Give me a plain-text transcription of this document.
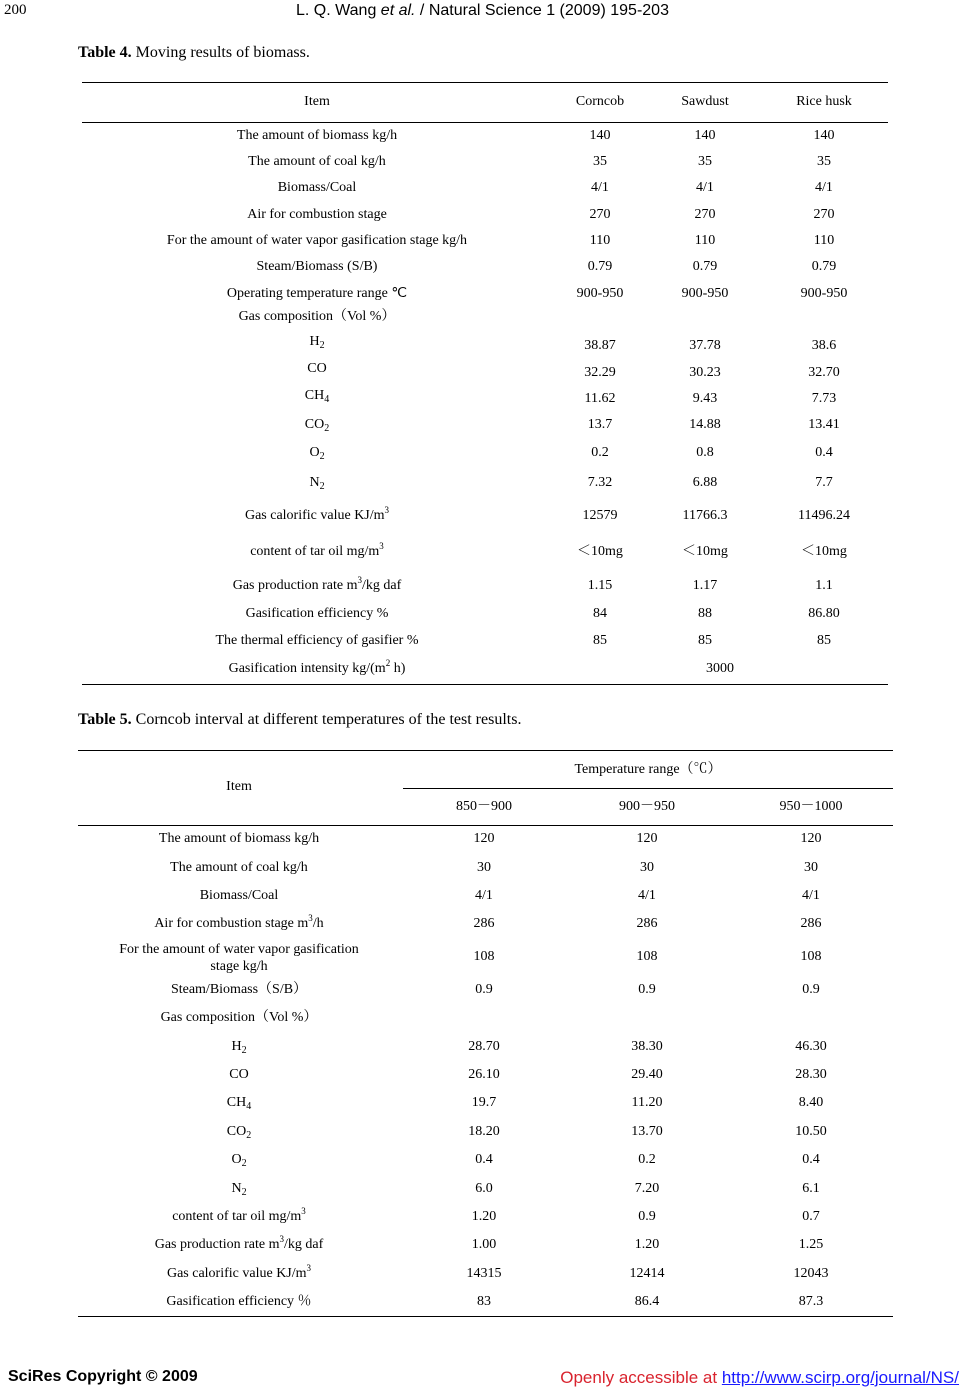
200	L. Q. Wang et al. / Natural Science 1 (2009) 195-203
Table 4. Moving results of biomass.
Item	Corncob	Sawdust	Rice husk
The amount of biomass kg/h	140	140	140
The amount of coal kg/h	35	35	35
Biomass/Coal	4/1	4/1	4/1
Air for combustion stage	270	270	270
For the amount of water vapor gasification stage kg/h	110	110	110
Steam/Biomass (S/B)	0.79	0.79	0.79
Operating temperature range ℃	900-950	900-950	900-950
Gas composition（Vol %）
$H_2$	38.87	37.78	38.6
CO	32.29	30.23	32.70
$CH_4$	11.62	9.43	7.73
$CO_2$	13.7	14.88	13.41
$O_2$	0.2	0.8	0.4
$N_2$	7.32	6.88	7.7
Gas calorific value $KJ/m^3$	12579	11766.3	11496.24
content of tar oil $mg/m^3$	＜10mg	＜10mg	＜10mg
Gas production rate $m^3/kg$ daf	1.15	1.17	1.1
Gasification efficiency %	84	88	86.80
The thermal efficiency of gasifier %	85	85	85
Gasification intensity $kg/(m^2$ h)	3000
Table 5. Corncob interval at different temperatures of the test results.
Item
Temperature range（℃）
850－900	900－950	950－1000
The amount of biomass kg/h	120	120	120
The amount of coal kg/h	30	30	30
Biomass/Coal	4/1	4/1	4/1
Air for combustion stage $m^3/h$	286	286	286
For the amount of water vapor gasification
stage kg/h
108	108	108
Steam/Biomass（S/B）	0.9	0.9	0.9
Gas composition（Vol %）
$H_2$	28.70	38.30	46.30
CO	26.10	29.40	28.30
$CH_4$	19.7	11.20	8.40
$CO_2$	18.20	13.70	10.50
$O_2$	0.4	0.2	0.4
$N_2$	6.0	7.20	6.1
content of tar oil $mg/m^3$	1.20	0.9	0.7
Gas production rate $m^3/kg$ daf	1.00	1.20	1.25
Gas calorific value $KJ/m^3$	14315	12414	12043
Gasification efficiency ％	83	86.4	87.3
SciRes Copyright © 2009	Openly accessible at http://www.scirp.org/journal/NS/
